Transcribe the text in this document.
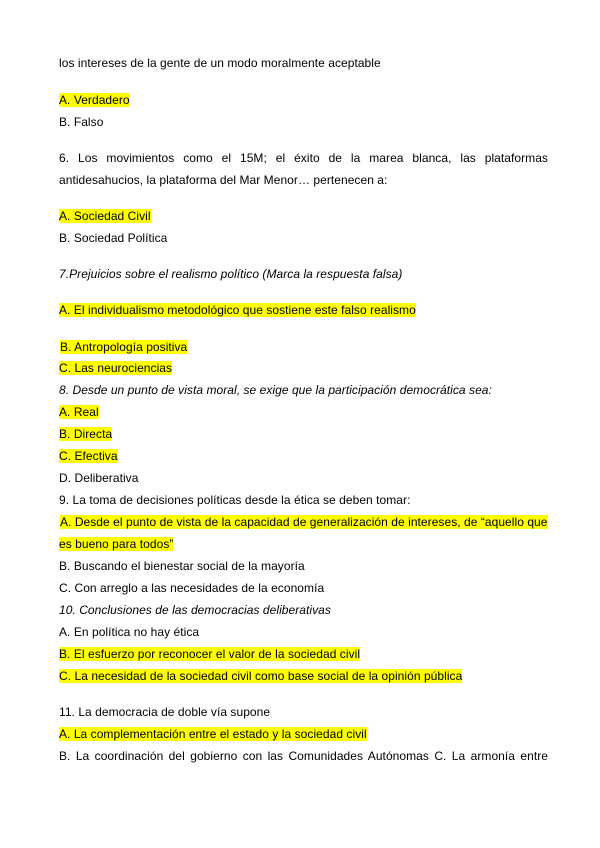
los intereses de la gente de un modo moralmente aceptable
A. Verdadero
B. Falso
6. Los movimientos como el 15M; el éxito de la marea blanca, las plataformas
antidesahucios, la plataforma del Mar Menor… pertenecen a:
A. Sociedad Civil
B. Sociedad Política
7.Prejuicios sobre el realismo político (Marca la respuesta falsa)
A. El individualismo metodológico que sostiene este falso realismo
B. Antropología positiva
C. Las neurociencias
8. Desde un punto de vista moral, se exige que la participación democrática sea:
A. Real
B. Directa
C. Efectiva
D. Deliberativa
9. La toma de decisiones políticas desde la ética se deben tomar:
A. Desde el punto de vista de la capacidad de generalización de intereses, de “aquello que
es bueno para todos”
B. Buscando el bienestar social de la mayoría
C. Con arreglo a las necesidades de la economía
10. Conclusiones de las democracias deliberativas
A. En política no hay ética
B. El esfuerzo por reconocer el valor de la sociedad civil
C. La necesidad de la sociedad civil como base social de la opinión pública
11. La democracia de doble vía supone
A. La complementación entre el estado y la sociedad civil
B. La coordinación del gobierno con las Comunidades Autónomas C. La armonía entre
